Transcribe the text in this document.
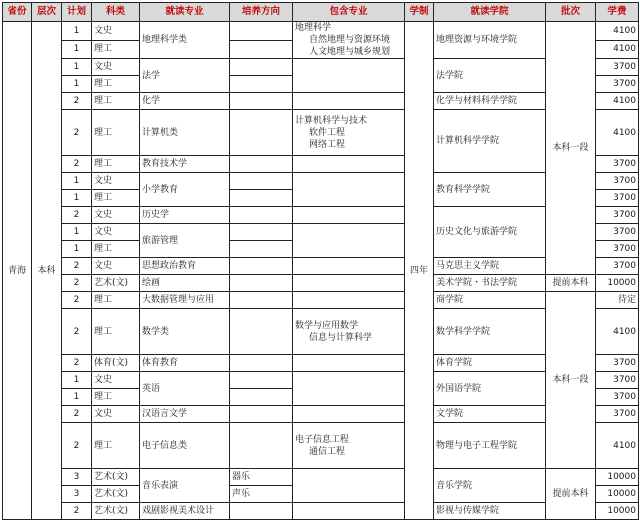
省份	层次	计划	科类	就读专业	培养方向	包含专业	学制	就读学院	批次	学费
青海	本科	1	文史	地理科学类		地理科学
自然地理与资源环境
人文地理与城乡规划	四年	地理资源与环境学院	本科一段	4100
		1	理工							4100
		1	文史	法学				法学院		3700
		1	理工							3700
		2	理工	化学				化学与材料科学学院		4100
		2	理工	计算机类		计算机科学与技术
软件工程
网络工程		计算机科学学院		4100
		2	理工	教育技术学						3700
		1	文史	小学教育				教育科学学院		3700
		1	理工							3700
		2	文史	历史学				历史文化与旅游学院		3700
		1	文史	旅游管理						3700
		1	理工							3700
		2	文史	思想政治教育				马克思主义学院		3700
		2	艺术(文)	绘画				美术学院・书法学院	提前本科	10000
		2	理工	大数据管理与应用				商学院	本科一段	待定
		2	理工	数学类		数学与应用数学
信息与计算科学		数学科学学院		4100
		2	体育(文)	体育教育				体育学院		3700
		1	文史	英语				外国语学院		3700
		1	理工							3700
		2	文史	汉语言文学				文学院		3700
		2	理工	电子信息类		电子信息工程
通信工程		物理与电子工程学院		4100
		3	艺术(文)	音乐表演	器乐			音乐学院	提前本科	10000
		3	艺术(文)		声乐					10000
		2	艺术(文)	戏剧影视美术设计				影视与传媒学院		10000
